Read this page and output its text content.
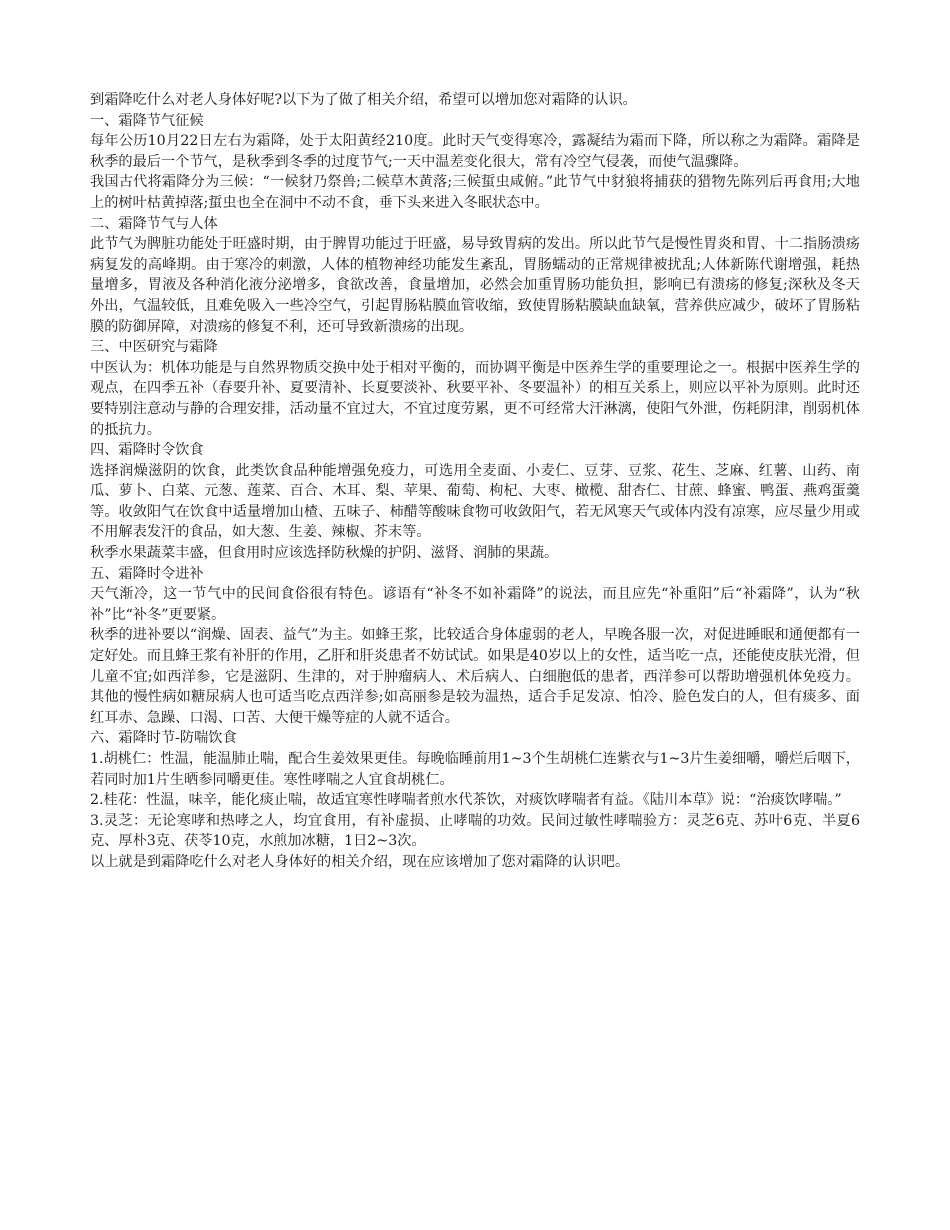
到霜降吃什么对老人身体好呢?以下为了做了相关介绍，希望可以增加您对霜降的认识。

一、霜降节气征候

每年公历10月22日左右为霜降，处于太阳黄经210度。此时天气变得寒冷，露凝结为霜而下降，所以称之为霜降。霜降是秋季的最后一个节气，是秋季到冬季的过度节气;一天中温差变化很大，常有冷空气侵袭，而使气温骤降。

我国古代将霜降分为三候：“一候豺乃祭兽;二候草木黄落;三候蜇虫咸俯。”此节气中豺狼将捕获的猎物先陈列后再食用;大地上的树叶枯黄掉落;蜇虫也全在洞中不动不食，垂下头来进入冬眠状态中。

二、霜降节气与人体

此节气为脾脏功能处于旺盛时期，由于脾胃功能过于旺盛，易导致胃病的发出。所以此节气是慢性胃炎和胃、十二指肠溃疡病复发的高峰期。由于寒冷的刺激，人体的植物神经功能发生紊乱，胃肠蠕动的正常规律被扰乱;人体新陈代谢增强，耗热量增多，胃液及各种消化液分泌增多，食欲改善，食量增加，必然会加重胃肠功能负担，影响已有溃疡的修复;深秋及冬天外出，气温较低，且难免吸入一些冷空气，引起胃肠粘膜血管收缩，致使胃肠粘膜缺血缺氧，营养供应减少，破坏了胃肠粘膜的防御屏障，对溃疡的修复不利，还可导致新溃疡的出现。

三、中医研究与霜降

中医认为：机体功能是与自然界物质交换中处于相对平衡的，而协调平衡是中医养生学的重要理论之一。根据中医养生学的观点，在四季五补（春要升补、夏要清补、长夏要淡补、秋要平补、冬要温补）的相互关系上，则应以平补为原则。此时还要特别注意动与静的合理安排，活动量不宜过大，不宜过度劳累，更不可经常大汗淋漓，使阳气外泄，伤耗阴津，削弱机体的抵抗力。

四、霜降时令饮食

选择润燥滋阴的饮食，此类饮食品种能增强免疫力，可选用全麦面、小麦仁、豆芽、豆浆、花生、芝麻、红薯、山药、南瓜、萝卜、白菜、元葱、莲菜、百合、木耳、梨、苹果、葡萄、枸杞、大枣、橄榄、甜杏仁、甘蔗、蜂蜜、鸭蛋、燕鸡蛋羹等。收敛阳气在饮食中适量增加山楂、五味子、柿醋等酸味食物可收敛阳气，若无风寒天气或体内没有凉寒，应尽量少用或不用解表发汗的食品，如大葱、生姜、辣椒、芥末等。

秋季水果蔬菜丰盛，但食用时应该选择防秋燥的护阴、滋肾、润肺的果蔬。

五、霜降时令进补

天气渐冷，这一节气中的民间食俗很有特色。谚语有“补冬不如补霜降”的说法，而且应先“补重阳”后“补霜降”，认为“秋补”比“补冬”更要紧。

秋季的进补要以“润燥、固表、益气”为主。如蜂王浆，比较适合身体虚弱的老人，早晚各服一次，对促进睡眠和通便都有一定好处。而且蜂王浆有补肝的作用，乙肝和肝炎患者不妨试试。如果是40岁以上的女性，适当吃一点，还能使皮肤光滑，但儿童不宜;如西洋参，它是滋阴、生津的，对于肿瘤病人、术后病人、白细胞低的患者，西洋参可以帮助增强机体免疫力。其他的慢性病如糖尿病人也可适当吃点西洋参;如高丽参是较为温热，适合手足发凉、怕冷、脸色发白的人，但有痰多、面红耳赤、急躁、口渴、口苦、大便干燥等症的人就不适合。

六、霜降时节-防喘饮食

1.胡桃仁：性温，能温肺止喘，配合生姜效果更佳。每晚临睡前用1~3个生胡桃仁连紫衣与1~3片生姜细嚼，嚼烂后咽下，若同时加1片生晒参同嚼更佳。寒性哮喘之人宜食胡桃仁。

2.桂花：性温，味辛，能化痰止喘，故适宜寒性哮喘者煎水代茶饮，对痰饮哮喘者有益。《陆川本草》说：“治痰饮哮喘。”

3.灵芝：无论寒哮和热哮之人，均宜食用，有补虚损、止哮喘的功效。民间过敏性哮喘验方：灵芝6克、苏叶6克、半夏6克、厚朴3克、茯苓10克，水煎加冰糖，1日2~3次。

以上就是到霜降吃什么对老人身体好的相关介绍，现在应该增加了您对霜降的认识吧。
